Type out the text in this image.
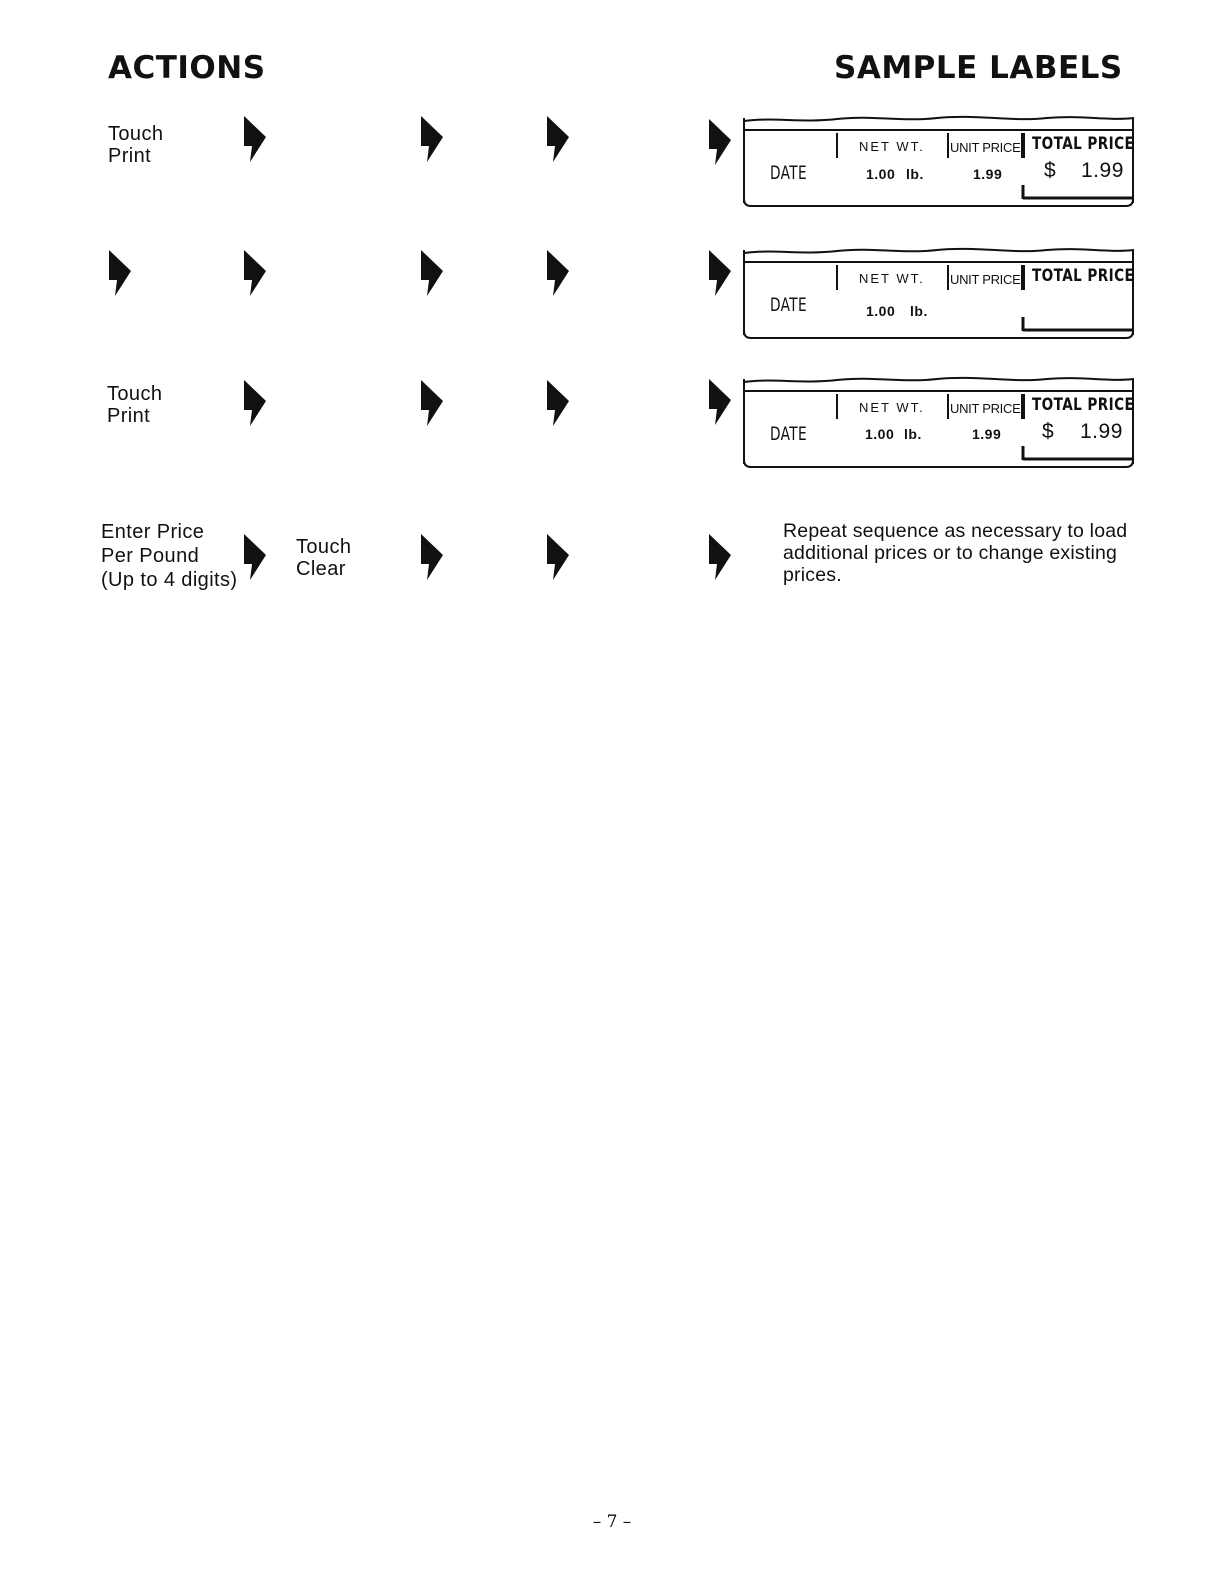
ACTIONS	SAMPLE LABELS
Touch
Print
Touch
Print
Enter Price
Per Pound
(Up to 4 digits)
Touch
Clear
DATE
NET WT. UNIT PRICE TOTAL PRICE
1.00 lb.	1.99 $ 1.99
DATE
NET WT. UNIT PRICE TOTAL PRICE
1.00 lb.
DATE
NET WT. UNIT PRICE TOTAL PRICE
1.00 lb.	1.99 $ 1.99
Repeat sequence as necessary to load additional prices or to change existing prices.
– 7 –
